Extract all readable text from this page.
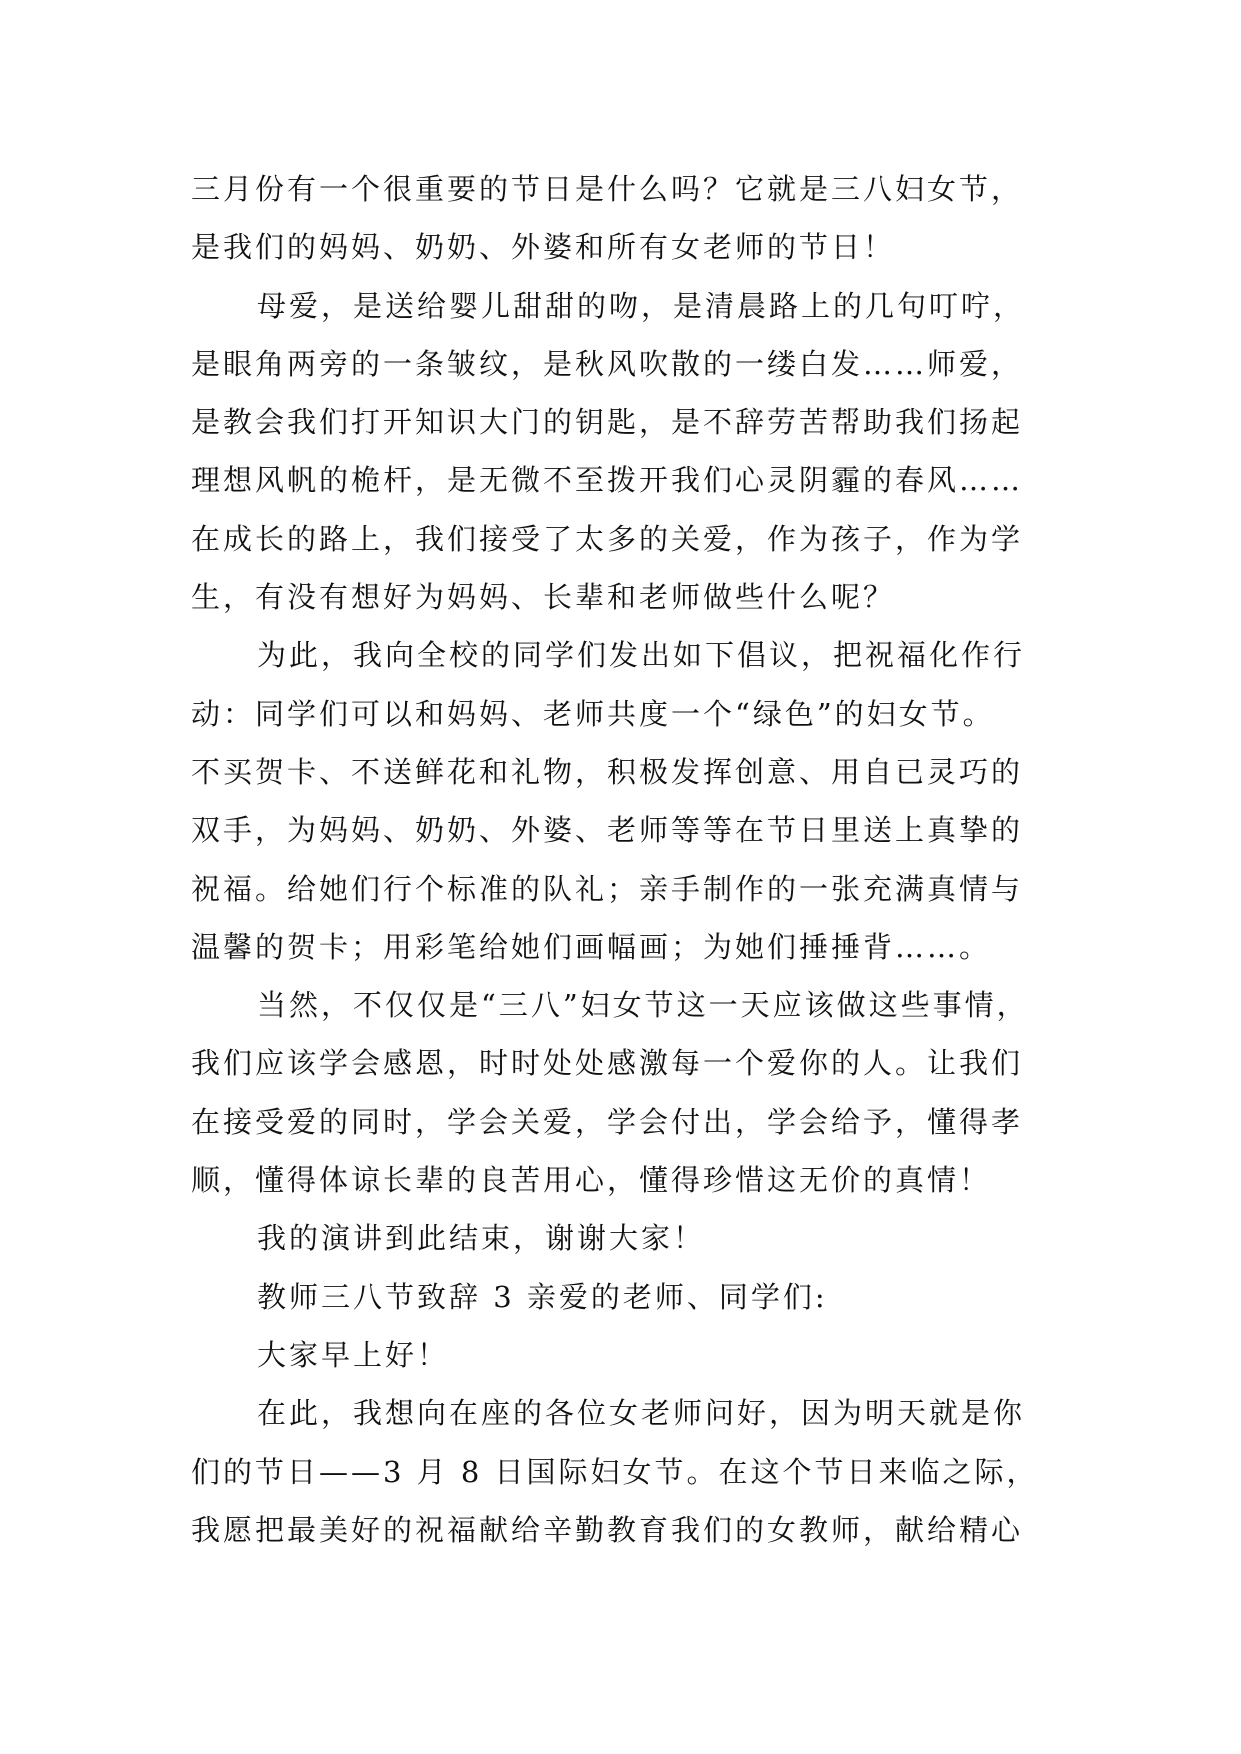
三月份有一个很重要的节日是什么吗？它就是三八妇女节，
是我们的妈妈、奶奶、外婆和所有女老师的节日！
母爱，是送给婴儿甜甜的吻，是清晨路上的几句叮咛，
是眼角两旁的一条皱纹，是秋风吹散的一缕白发……师爱，
是教会我们打开知识大门的钥匙，是不辞劳苦帮助我们扬起
理想风帆的桅杆，是无微不至拨开我们心灵阴霾的春风……
在成长的路上，我们接受了太多的关爱，作为孩子，作为学
生，有没有想好为妈妈、长辈和老师做些什么呢？
为此，我向全校的同学们发出如下倡议，把祝福化作行
动：同学们可以和妈妈、老师共度一个“绿色”的妇女节。
不买贺卡、不送鲜花和礼物，积极发挥创意、用自已灵巧的
双手，为妈妈、奶奶、外婆、老师等等在节日里送上真挚的
祝福。给她们行个标准的队礼；亲手制作的一张充满真情与
温馨的贺卡；用彩笔给她们画幅画；为她们捶捶背……。
当然，不仅仅是“三八”妇女节这一天应该做这些事情，
我们应该学会感恩，时时处处感激每一个爱你的人。让我们
在接受爱的同时，学会关爱，学会付出，学会给予，懂得孝
顺，懂得体谅长辈的良苦用心，懂得珍惜这无价的真情！
我的演讲到此结束，谢谢大家！
教师三八节致辞 3 亲爱的老师、同学们:
大家早上好！
在此，我想向在座的各位女老师问好，因为明天就是你
们的节日——3 月 8 日国际妇女节。在这个节日来临之际，
我愿把最美好的祝福献给辛勤教育我们的女教师，献给精心
